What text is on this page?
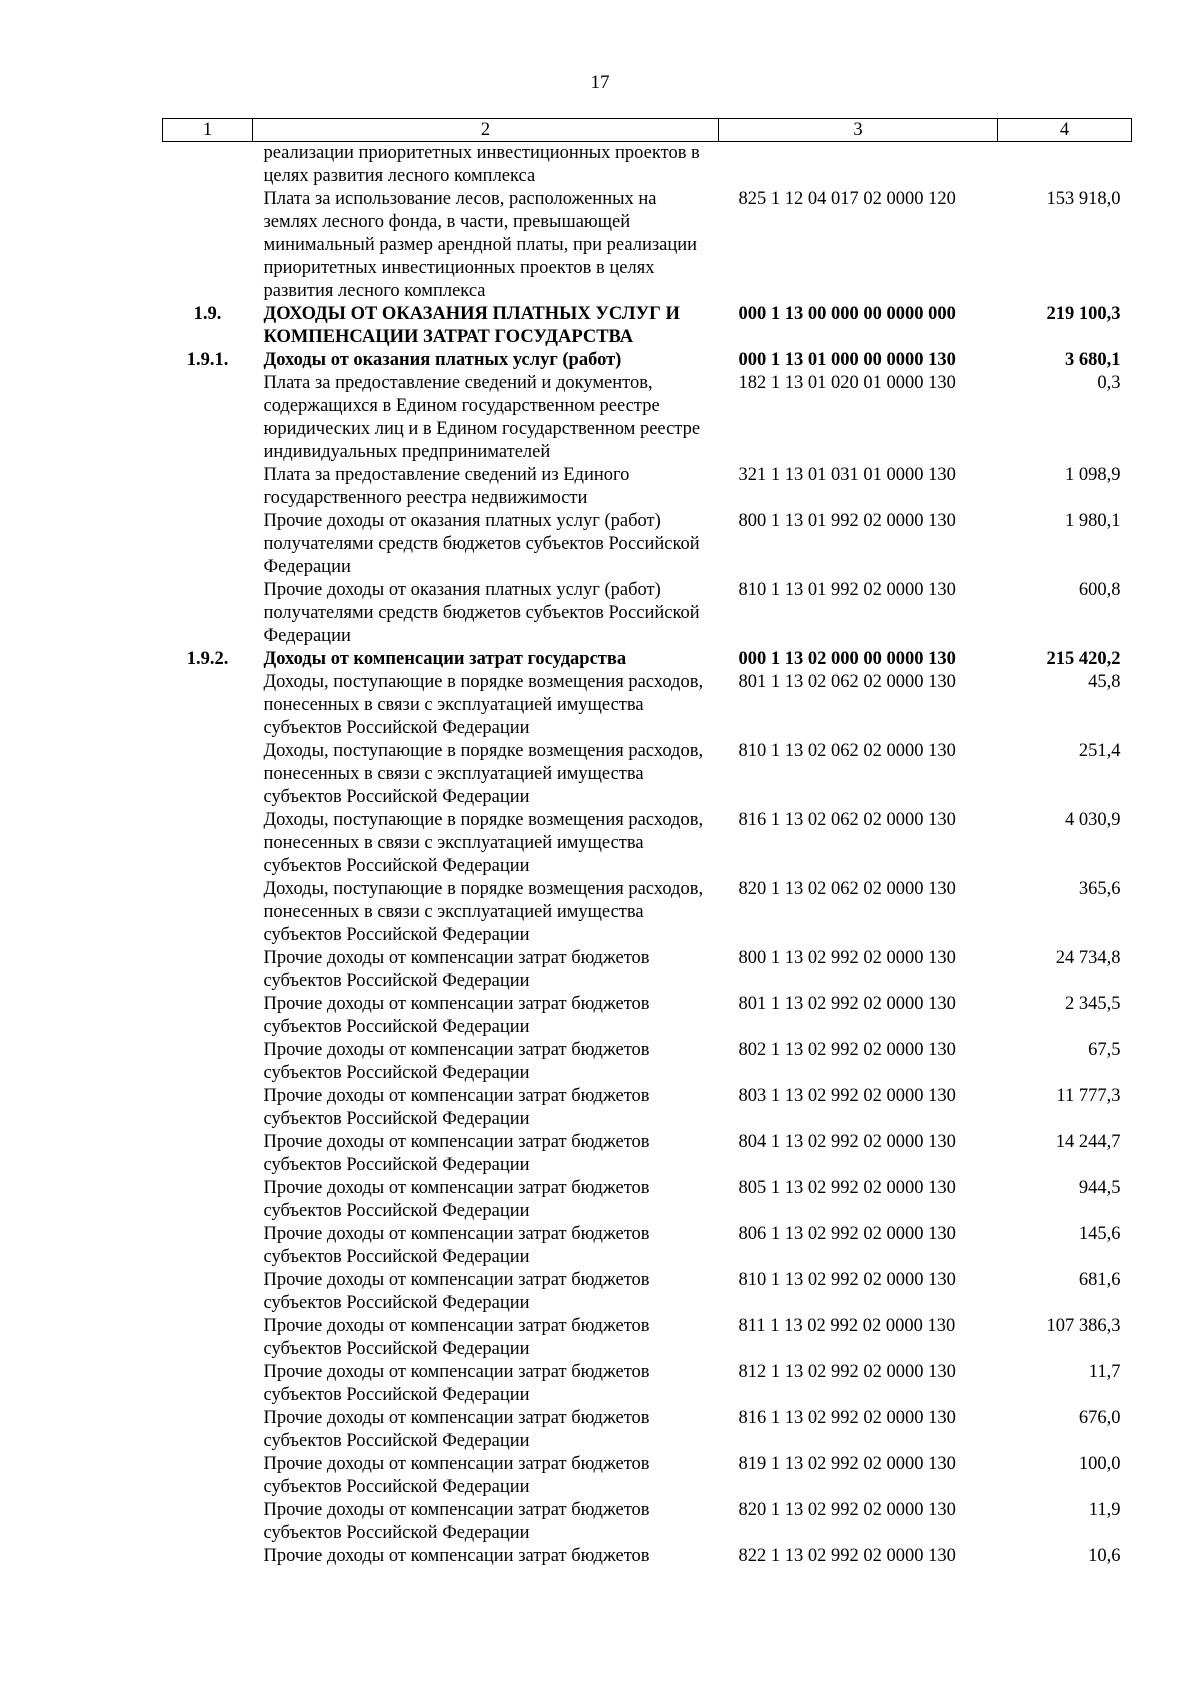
17
1	2	3	4
	реализации приоритетных инвестиционных проектов в целях развития лесного комплекса		
	Плата за использование лесов, расположенных на землях лесного фонда, в части, превышающей минимальный размер арендной платы, при реализации приоритетных инвестиционных проектов в целях развития лесного комплекса	825 1 12 04 017 02 0000 120	153 918,0
1.9.	ДОХОДЫ ОТ ОКАЗАНИЯ ПЛАТНЫХ УСЛУГ И КОМПЕНСАЦИИ ЗАТРАТ ГОСУДАРСТВА	000 1 13 00 000 00 0000 000	219 100,3
1.9.1.	Доходы от оказания платных услуг (работ)	000 1 13 01 000 00 0000 130	3 680,1
	Плата за предоставление сведений и документов, содержащихся в Едином государственном реестре юридических лиц и в Едином государственном реестре индивидуальных предпринимателей	182 1 13 01 020 01 0000 130	0,3
	Плата за предоставление сведений из Единого государственного реестра недвижимости	321 1 13 01 031 01 0000 130	1 098,9
	Прочие доходы от оказания платных услуг (работ) получателями средств бюджетов субъектов Российской Федерации	800 1 13 01 992 02 0000 130	1 980,1
	Прочие доходы от оказания платных услуг (работ) получателями средств бюджетов субъектов Российской Федерации	810 1 13 01 992 02 0000 130	600,8
1.9.2.	Доходы от компенсации затрат государства	000 1 13 02 000 00 0000 130	215 420,2
	Доходы, поступающие в порядке возмещения расходов, понесенных в связи с эксплуатацией имущества субъектов Российской Федерации	801 1 13 02 062 02 0000 130	45,8
	Доходы, поступающие в порядке возмещения расходов, понесенных в связи с эксплуатацией имущества субъектов Российской Федерации	810 1 13 02 062 02 0000 130	251,4
	Доходы, поступающие в порядке возмещения расходов, понесенных в связи с эксплуатацией имущества субъектов Российской Федерации	816 1 13 02 062 02 0000 130	4 030,9
	Доходы, поступающие в порядке возмещения расходов, понесенных в связи с эксплуатацией имущества субъектов Российской Федерации	820 1 13 02 062 02 0000 130	365,6
	Прочие доходы от компенсации затрат бюджетов субъектов Российской Федерации	800 1 13 02 992 02 0000 130	24 734,8
	Прочие доходы от компенсации затрат бюджетов субъектов Российской Федерации	801 1 13 02 992 02 0000 130	2 345,5
	Прочие доходы от компенсации затрат бюджетов субъектов Российской Федерации	802 1 13 02 992 02 0000 130	67,5
	Прочие доходы от компенсации затрат бюджетов субъектов Российской Федерации	803 1 13 02 992 02 0000 130	11 777,3
	Прочие доходы от компенсации затрат бюджетов субъектов Российской Федерации	804 1 13 02 992 02 0000 130	14 244,7
	Прочие доходы от компенсации затрат бюджетов субъектов Российской Федерации	805 1 13 02 992 02 0000 130	944,5
	Прочие доходы от компенсации затрат бюджетов субъектов Российской Федерации	806 1 13 02 992 02 0000 130	145,6
	Прочие доходы от компенсации затрат бюджетов субъектов Российской Федерации	810 1 13 02 992 02 0000 130	681,6
	Прочие доходы от компенсации затрат бюджетов субъектов Российской Федерации	811 1 13 02 992 02 0000 130	107 386,3
	Прочие доходы от компенсации затрат бюджетов субъектов Российской Федерации	812 1 13 02 992 02 0000 130	11,7
	Прочие доходы от компенсации затрат бюджетов субъектов Российской Федерации	816 1 13 02 992 02 0000 130	676,0
	Прочие доходы от компенсации затрат бюджетов субъектов Российской Федерации	819 1 13 02 992 02 0000 130	100,0
	Прочие доходы от компенсации затрат бюджетов субъектов Российской Федерации	820 1 13 02 992 02 0000 130	11,9
	Прочие доходы от компенсации затрат бюджетов	822 1 13 02 992 02 0000 130	10,6
